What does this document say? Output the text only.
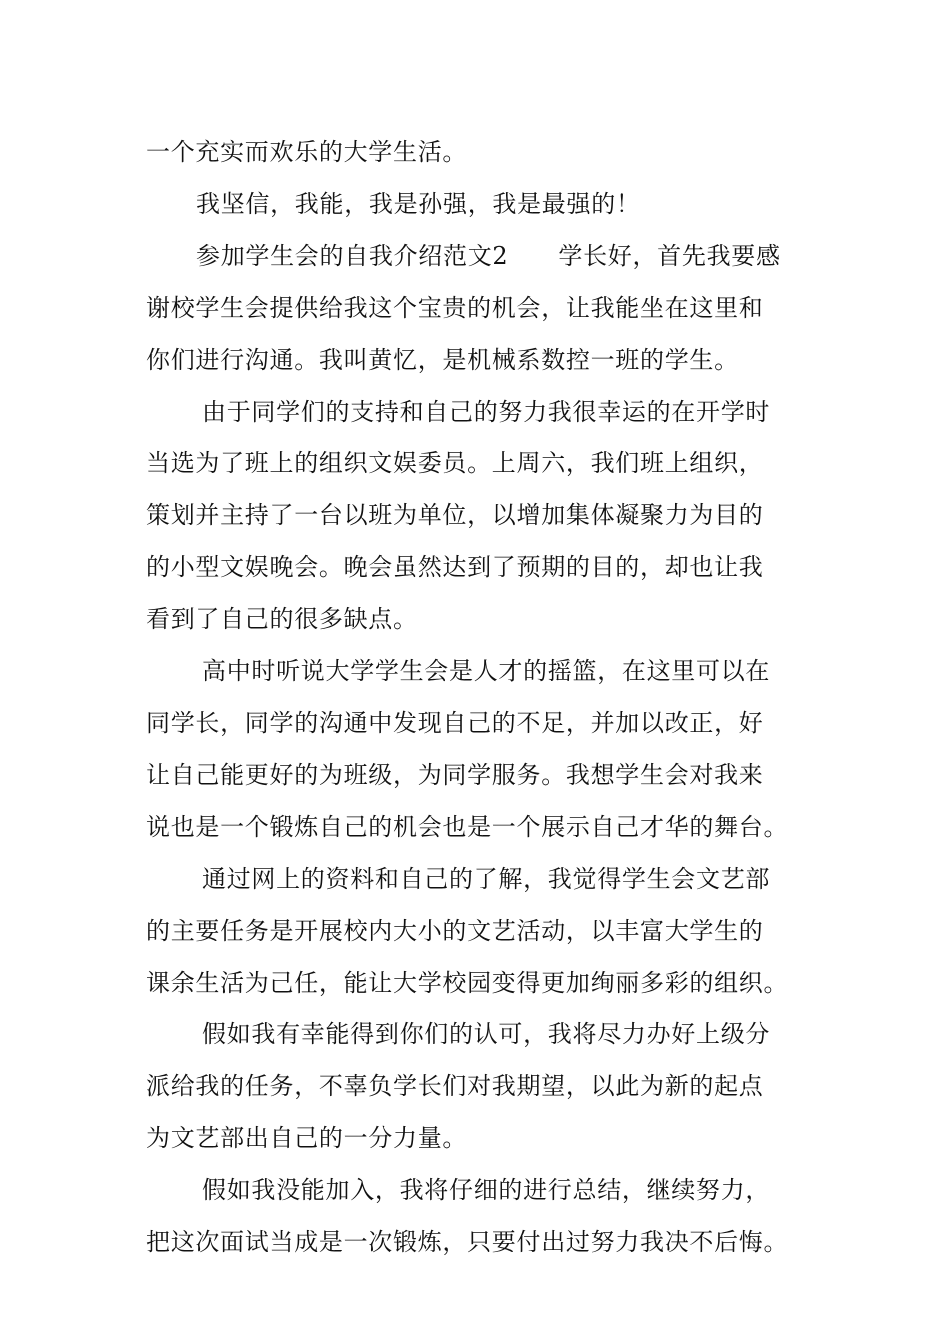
一个充实而欢乐的大学生活。

我坚信，我能，我是孙强，我是最强的！

参加学生会的自我介绍范文2 学长好，首先我要感
谢校学生会提供给我这个宝贵的机会，让我能坐在这里和
你们进行沟通。我叫黄忆，是机械系数控一班的学生。

由于同学们的支持和自己的努力我很幸运的在开学时
当选为了班上的组织文娱委员。上周六，我们班上组织，
策划并主持了一台以班为单位，以增加集体凝聚力为目的
的小型文娱晚会。晚会虽然达到了预期的目的，却也让我
看到了自己的很多缺点。

高中时听说大学学生会是人才的摇篮，在这里可以在
同学长，同学的沟通中发现自己的不足，并加以改正，好
让自己能更好的为班级，为同学服务。我想学生会对我来
说也是一个锻炼自己的机会也是一个展示自己才华的舞台。

通过网上的资料和自己的了解，我觉得学生会文艺部
的主要任务是开展校内大小的文艺活动，以丰富大学生的
课余生活为己任，能让大学校园变得更加绚丽多彩的组织。

假如我有幸能得到你们的认可，我将尽力办好上级分
派给我的任务，不辜负学长们对我期望，以此为新的起点
为文艺部出自己的一分力量。

假如我没能加入，我将仔细的进行总结，继续努力，
把这次面试当成是一次锻炼，只要付出过努力我决不后悔。
